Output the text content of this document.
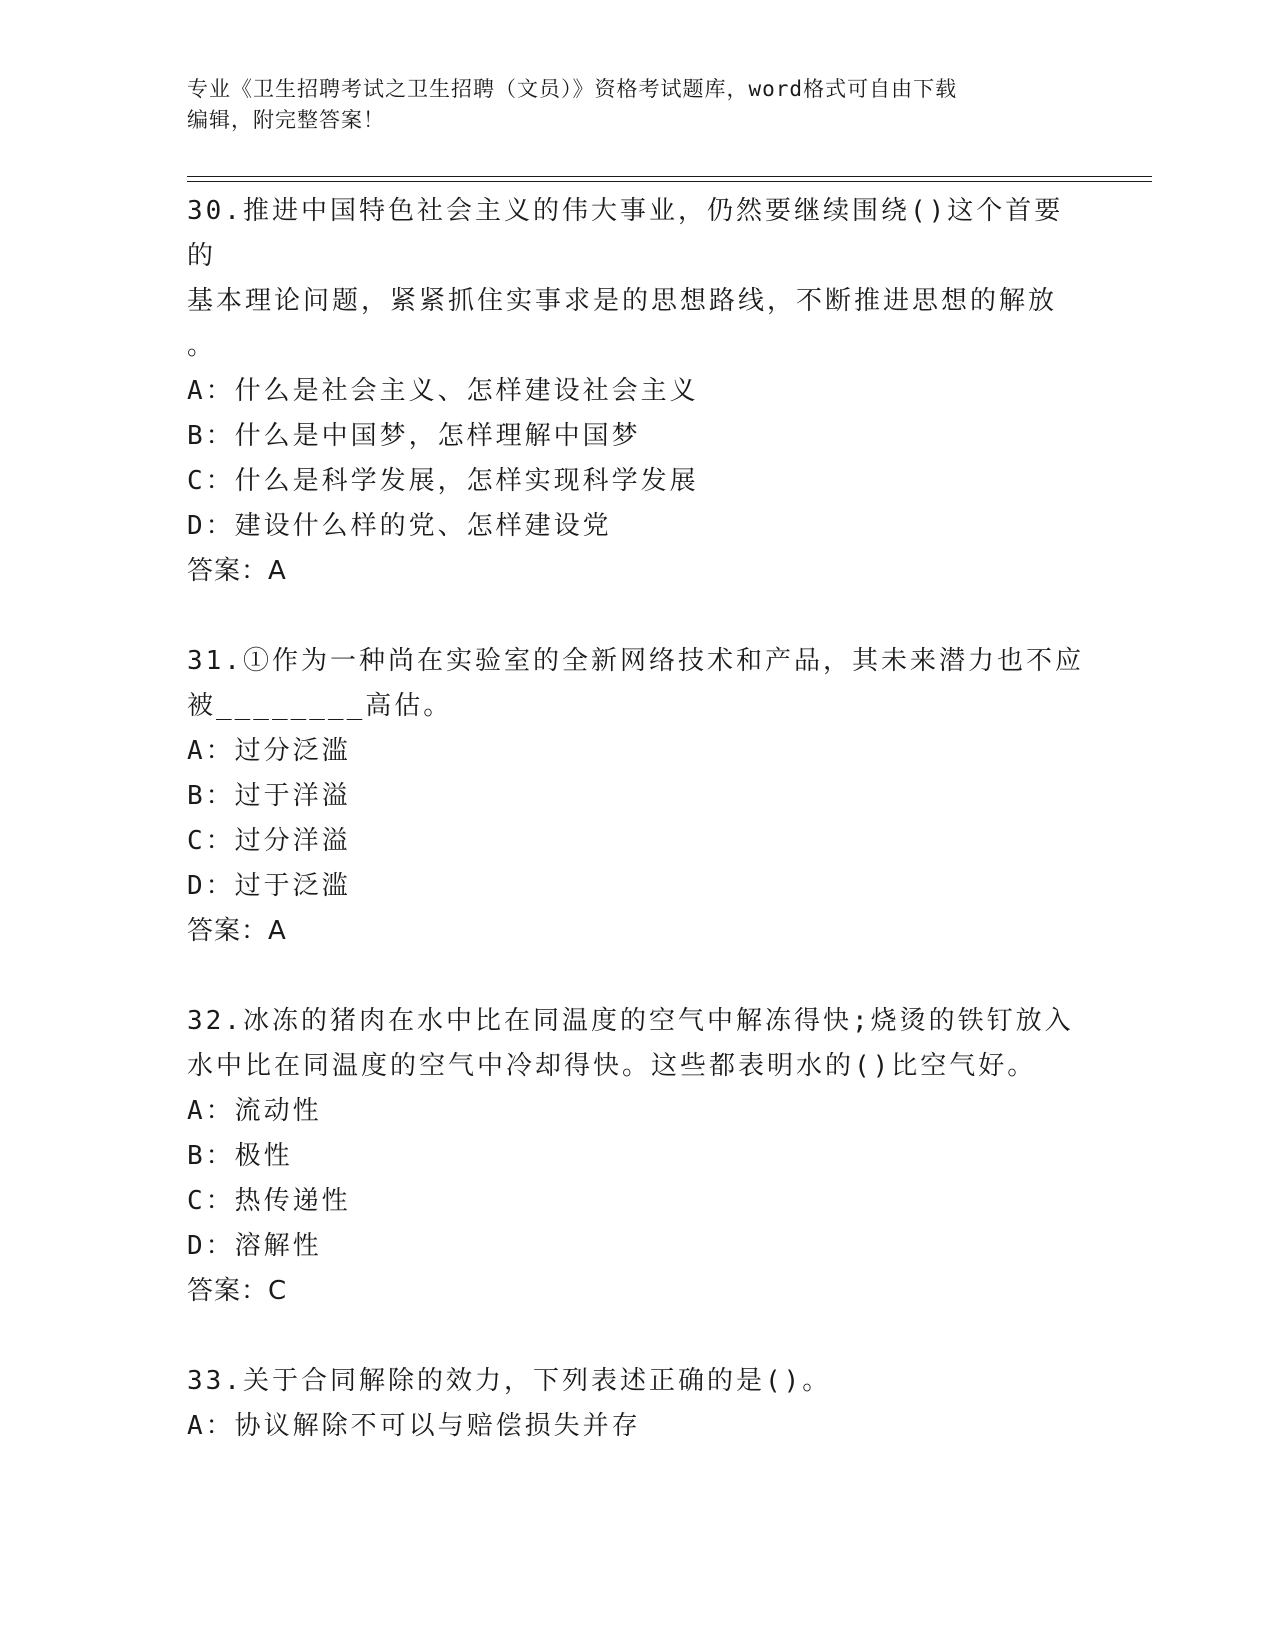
专业《卫生招聘考试之卫生招聘（文员）》资格考试题库，word格式可自由下载
编辑，附完整答案！

30.推进中国特色社会主义的伟大事业，仍然要继续围绕()这个首要的

基本理论问题，紧紧抓住实事求是的思想路线，不断推进思想的解放

。

A：什么是社会主义、怎样建设社会主义

B：什么是中国梦，怎样理解中国梦

C：什么是科学发展，怎样实现科学发展

D：建设什么样的党、怎样建设党

答案：A

31.①作为一种尚在实验室的全新网络技术和产品，其未来潜力也不应

被________高估。

A：过分泛滥

B：过于洋溢

C：过分洋溢

D：过于泛滥

答案：A

32.冰冻的猪肉在水中比在同温度的空气中解冻得快;烧烫的铁钉放入

水中比在同温度的空气中冷却得快。这些都表明水的()比空气好。

A：流动性

B：极性

C：热传递性

D：溶解性

答案：C

33.关于合同解除的效力，下列表述正确的是()。

A：协议解除不可以与赔偿损失并存
